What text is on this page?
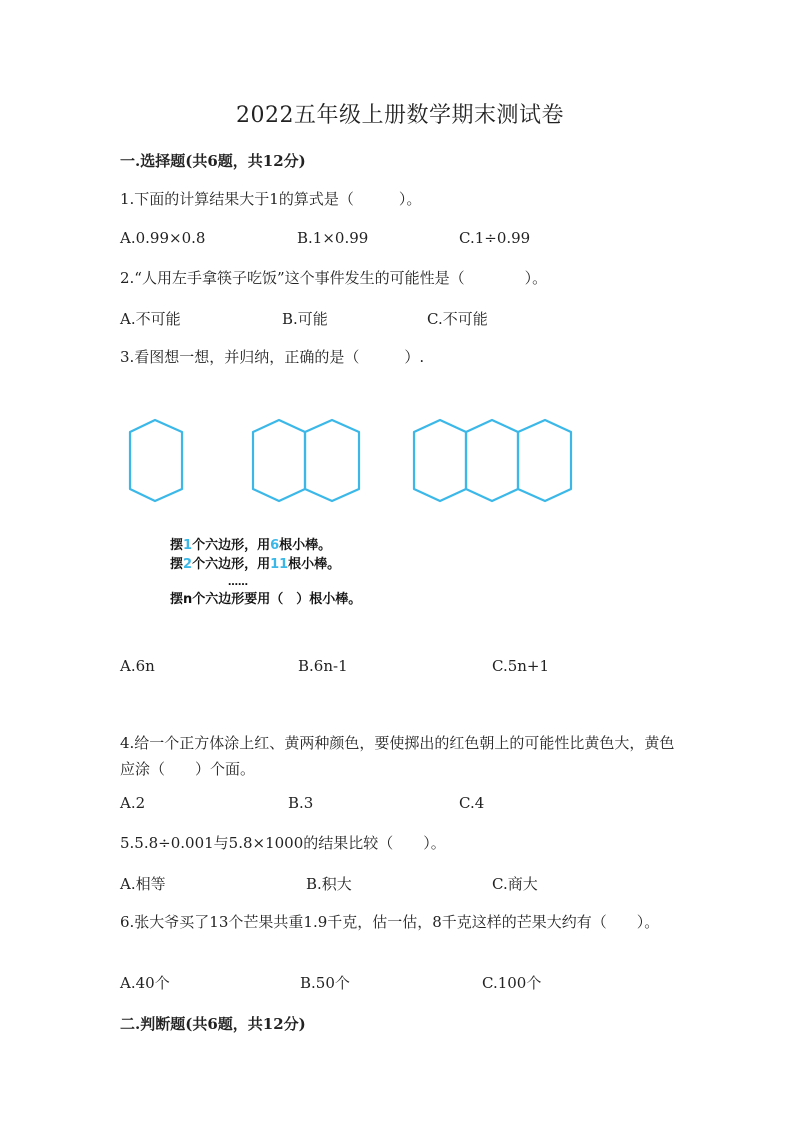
2022五年级上册数学期末测试卷
一.选择题(共6题，共12分)
1.下面的计算结果大于1的算式是（　　　）。
A.0.99×0.8	B.1×0.99	C.1÷0.99
2.“人用左手拿筷子吃饭”这个事件发生的可能性是（　　　　）。
A.不可能	B.可能	C.不可能
3.看图想一想，并归纳，正确的是（　　　）.
摆1个六边形，用6根小棒。
摆2个六边形，用11根小棒。
……
摆n个六边形要用（　）根小棒。
A.6n	B.6n-1	C.5n+1
4.给一个正方体涂上红、黄两种颜色，要使掷出的红色朝上的可能性比黄色大，黄色应涂（　　）个面。
A.2	B.3	C.4
5.5.8÷0.001与5.8×1000的结果比较（　　）。
A.相等	B.积大	C.商大
6.张大爷买了13个芒果共重1.9千克，估一估，8千克这样的芒果大约有（　　）。
A.40个	B.50个	C.100个
二.判断题(共6题，共12分)
